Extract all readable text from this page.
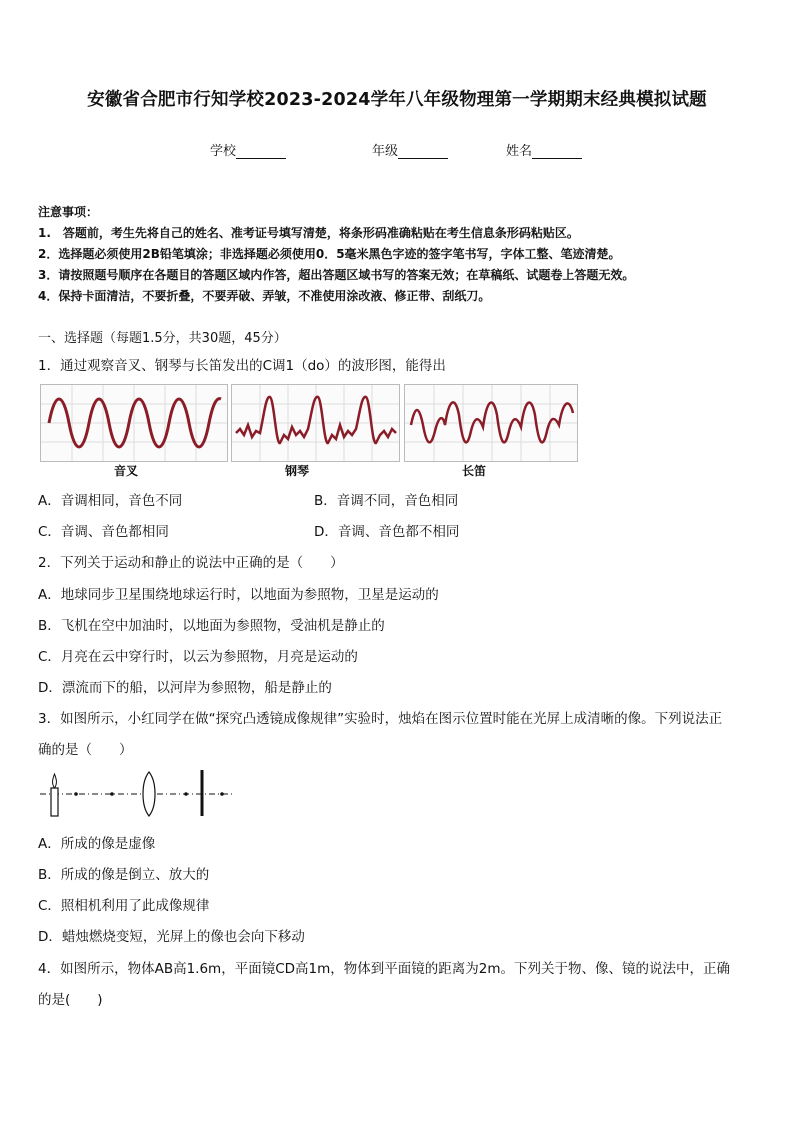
安徽省合肥市行知学校2023-2024学年八年级物理第一学期期末经典模拟试题
学校	年级	姓名
注意事项：
1.　答题前，考生先将自己的姓名、准考证号填写清楚，将条形码准确粘贴在考生信息条形码粘贴区。
2．选择题必须使用2B铅笔填涂；非选择题必须使用0．5毫米黑色字迹的签字笔书写，字体工整、笔迹清楚。
3．请按照题号顺序在各题目的答题区域内作答，超出答题区域书写的答案无效；在草稿纸、试题卷上答题无效。
4．保持卡面清洁，不要折叠，不要弄破、弄皱，不准使用涂改液、修正带、刮纸刀。
一、选择题（每题1.5分，共30题，45分）
1．通过观察音叉、钢琴与长笛发出的C调1（do）的波形图，能得出
音叉	钢琴	长笛
A．音调相同，音色不同	B．音调不同，音色相同
C．音调、音色都相同	D．音调、音色都不相同
2．下列关于运动和静止的说法中正确的是（　　）
A．地球同步卫星围绕地球运行时，以地面为参照物，卫星是运动的
B．飞机在空中加油时，以地面为参照物，受油机是静止的
C．月亮在云中穿行时，以云为参照物，月亮是运动的
D．漂流而下的船，以河岸为参照物，船是静止的
3．如图所示，小红同学在做“探究凸透镜成像规律”实验时，烛焰在图示位置时能在光屏上成清晰的像。下列说法正
确的是（　　）
A．所成的像是虚像
B．所成的像是倒立、放大的
C．照相机利用了此成像规律
D．蜡烛燃烧变短，光屏上的像也会向下移动
4．如图所示，物体AB高1.6m，平面镜CD高1m，物体到平面镜的距离为2m。下列关于物、像、镜的说法中，正确
的是(　　)
